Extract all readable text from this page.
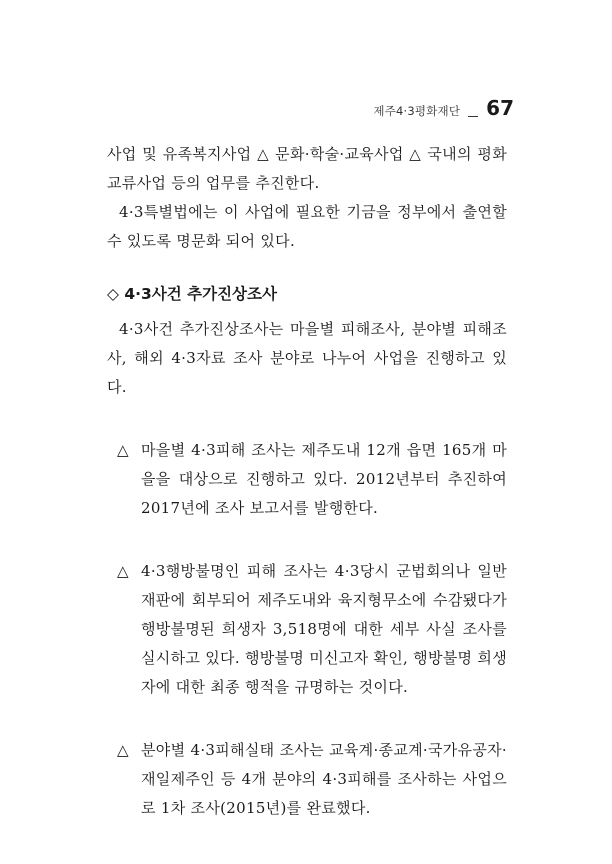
제주4·3평화재단 67

사업 및 유족복지사업 △ 문화·학술·교육사업 △ 국내의 평화교류사업 등의 업무를 추진한다.

4·3특별법에는 이 사업에 필요한 기금을 정부에서 출연할 수 있도록 명문화 되어 있다.

◇ 4·3사건 추가진상조사

4·3사건 추가진상조사는 마을별 피해조사, 분야별 피해조사, 해외 4·3자료 조사 분야로 나누어 사업을 진행하고 있다.

△ 마을별 4·3피해 조사는 제주도내 12개 읍면 165개 마을을 대상으로 진행하고 있다. 2012년부터 추진하여 2017년에 조사 보고서를 발행한다.
△ 4·3행방불명인 피해 조사는 4·3당시 군법회의나 일반재판에 회부되어 제주도내와 육지형무소에 수감됐다가 행방불명된 희생자 3,518명에 대한 세부 사실 조사를 실시하고 있다. 행방불명 미신고자 확인, 행방불명 희생자에 대한 최종 행적을 규명하는 것이다.
△ 분야별 4·3피해실태 조사는 교육계·종교계·국가유공자·재일제주인 등 4개 분야의 4·3피해를 조사하는 사업으로 1차 조사(2015년)를 완료했다.
